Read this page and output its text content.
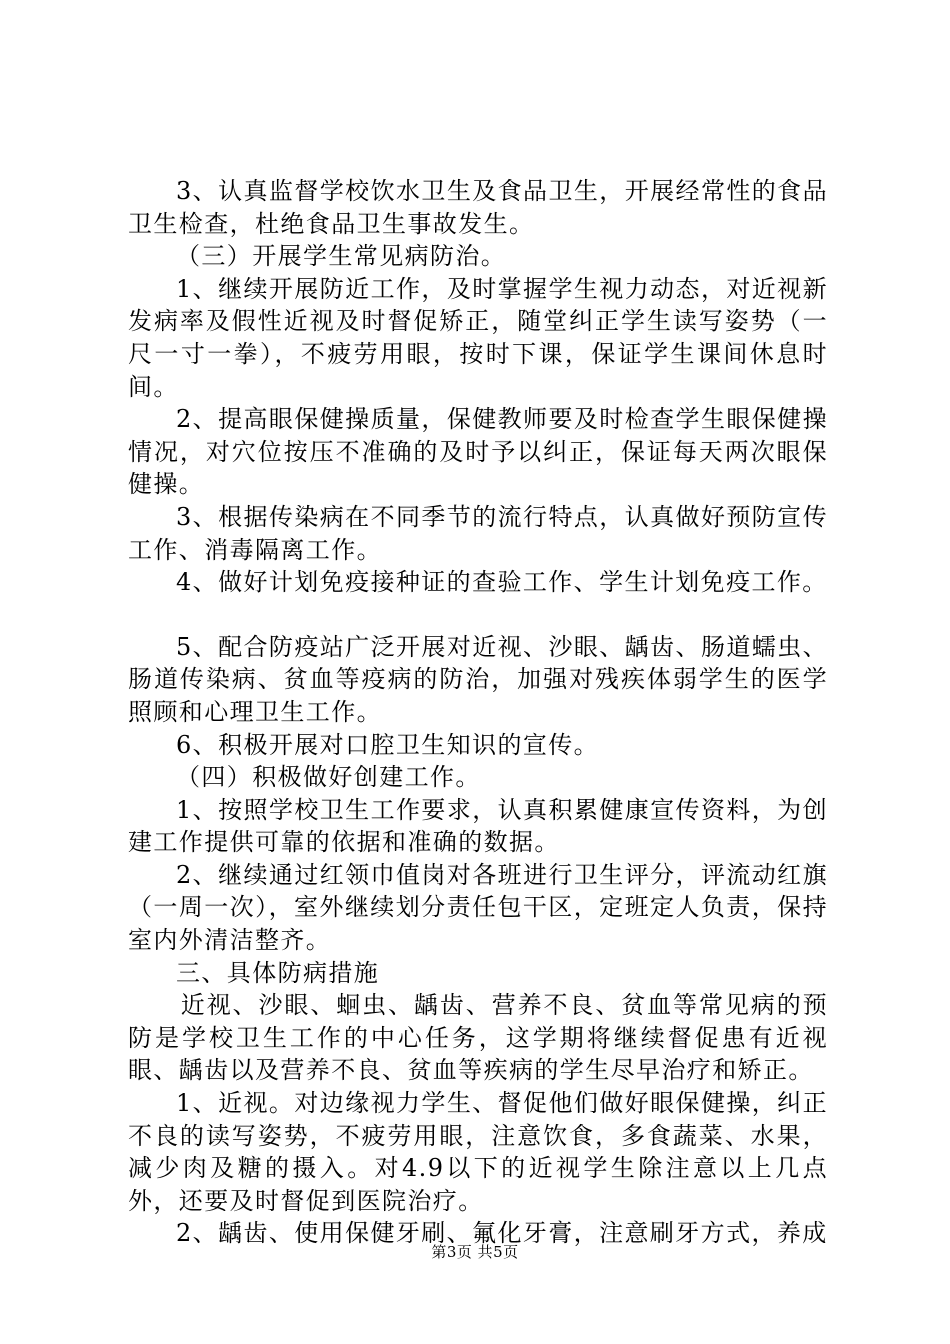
3、认真监督学校饮水卫生及食品卫生，开展经常性的食品卫生检查，杜绝食品卫生事故发生。

（三）开展学生常见病防治。

1、继续开展防近工作，及时掌握学生视力动态，对近视新发病率及假性近视及时督促矫正，随堂纠正学生读写姿势（一尺一寸一拳），不疲劳用眼，按时下课，保证学生课间休息时间。

2、提高眼保健操质量，保健教师要及时检查学生眼保健操情况，对穴位按压不准确的及时予以纠正，保证每天两次眼保健操。

3、根据传染病在不同季节的流行特点，认真做好预防宣传工作、消毒隔离工作。

4、做好计划免疫接种证的查验工作、学生计划免疫工作。

5、配合防疫站广泛开展对近视、沙眼、龋齿、肠道蠕虫、肠道传染病、贫血等疫病的防治，加强对残疾体弱学生的医学照顾和心理卫生工作。

6、积极开展对口腔卫生知识的宣传。

（四）积极做好创建工作。

1、按照学校卫生工作要求，认真积累健康宣传资料，为创建工作提供可靠的依据和准确的数据。

2、继续通过红领巾值岗对各班进行卫生评分，评流动红旗（一周一次），室外继续划分责任包干区，定班定人负责，保持室内外清洁整齐。

三、具体防病措施

近视、沙眼、蛔虫、龋齿、营养不良、贫血等常见病的预防是学校卫生工作的中心任务，这学期将继续督促患有近视眼、龋齿以及营养不良、贫血等疾病的学生尽早治疗和矫正。

1、近视。对边缘视力学生、督促他们做好眼保健操，纠正不良的读写姿势，不疲劳用眼，注意饮食，多食蔬菜、水果，减少肉及糖的摄入。对4.9以下的近视学生除注意以上几点外，还要及时督促到医院治疗。

2、龋齿、使用保健牙刷、氟化牙膏，注意刷牙方式，养成

第3页 共5页
